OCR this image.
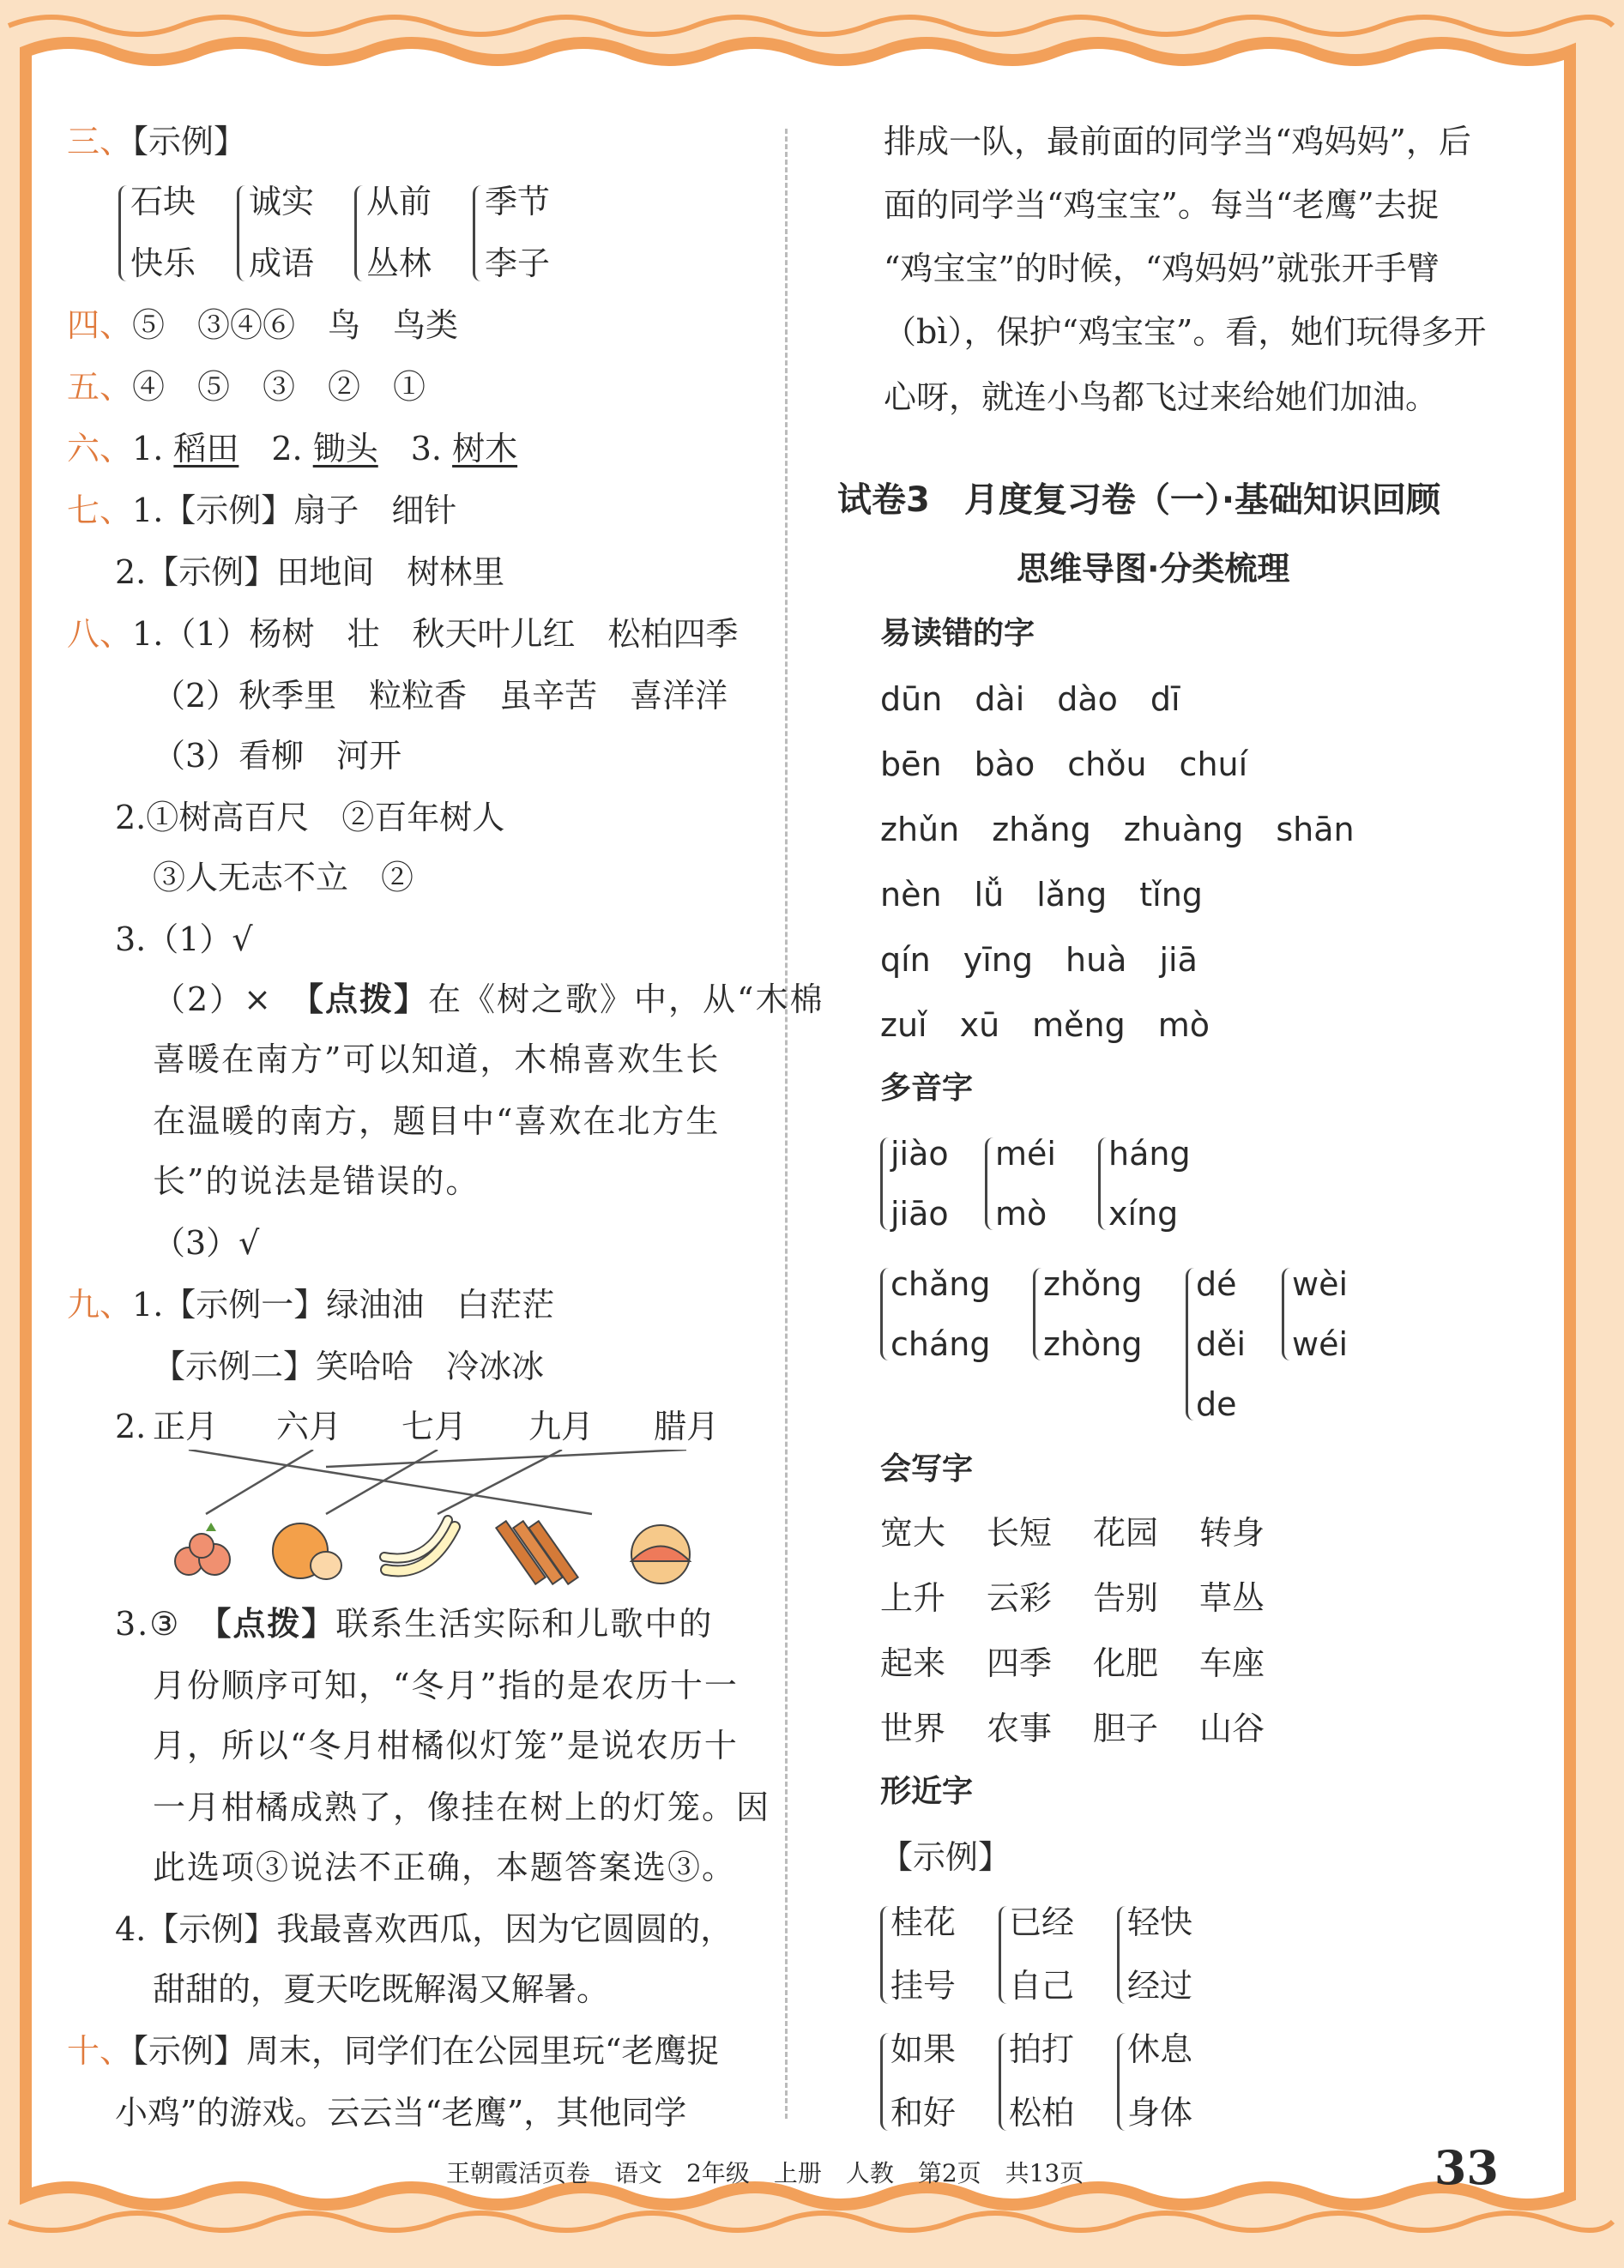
三、【示例】
石块
快乐
诚实
成语
从前
丛林
季节
李子
四、⑤　③④⑥　鸟　鸟类
五、④　⑤　③　②　①
六、1. 稻田　2. 锄头　3. 树木
七、1.【示例】扇子　细针
2.【示例】田地间　树林里
八、1.（1）杨树　壮　秋天叶儿红　松柏四季
（2）秋季里　粒粒香　虽辛苦　喜洋洋
（3）看柳　河开
2.①树高百尺　②百年树人
③人无志不立　②
3.（1）√
（2）×　【点拨】在《树之歌》中，从“木棉
喜暖在南方”可以知道，木棉喜欢生长
在温暖的南方，题目中“喜欢在北方生
长”的说法是错误的。
（3）√
九、1.【示例一】绿油油　白茫茫
【示例二】笑哈哈　冷冰冰
2. 正月 六月 七月 九月 腊月
3.③　【点拨】联系生活实际和儿歌中的
月份顺序可知，“冬月”指的是农历十一
月，所以“冬月柑橘似灯笼”是说农历十
一月柑橘成熟了，像挂在树上的灯笼。因
此选项③说法不正确，本题答案选③。
4.【示例】我最喜欢西瓜，因为它圆圆的，
甜甜的，夏天吃既解渴又解暑。
十、【示例】周末，同学们在公园里玩“老鹰捉
小鸡”的游戏。云云当“老鹰”，其他同学
排成一队，最前面的同学当“鸡妈妈”，后
面的同学当“鸡宝宝”。每当“老鹰”去捉
“鸡宝宝”的时候，“鸡妈妈”就张开手臂
（bì），保护“鸡宝宝”。看，她们玩得多开
心呀，就连小鸟都飞过来给她们加油。
试卷3　月度复习卷（一）·基础知识回顾
思维导图·分类梳理
易读错的字
dūn　dài　dào　dī
bēn　bào　chǒu　chuí
zhǔn　zhǎng　zhuàng　shān
nèn　lǚ　lǎng　tǐng
qín　yīng　huà　jiā
zuǐ　xū　měng　mò
多音字
jiào
jiāo
méi
mò
háng
xíng
chǎng
cháng
zhǒng
zhòng
dé
děi
de
wèi
wéi
会写字
宽大 长短 花园 转身
上升 云彩 告别 草丛
起来 四季 化肥 车座
世界 农事 胆子 山谷
形近字
【示例】
桂花
挂号
已经
自己
轻快
经过
如果
和好
拍打
松柏
休息
身体
王朝霞活页卷　语文　2年级　上册　人教　第2页　共13页	33
